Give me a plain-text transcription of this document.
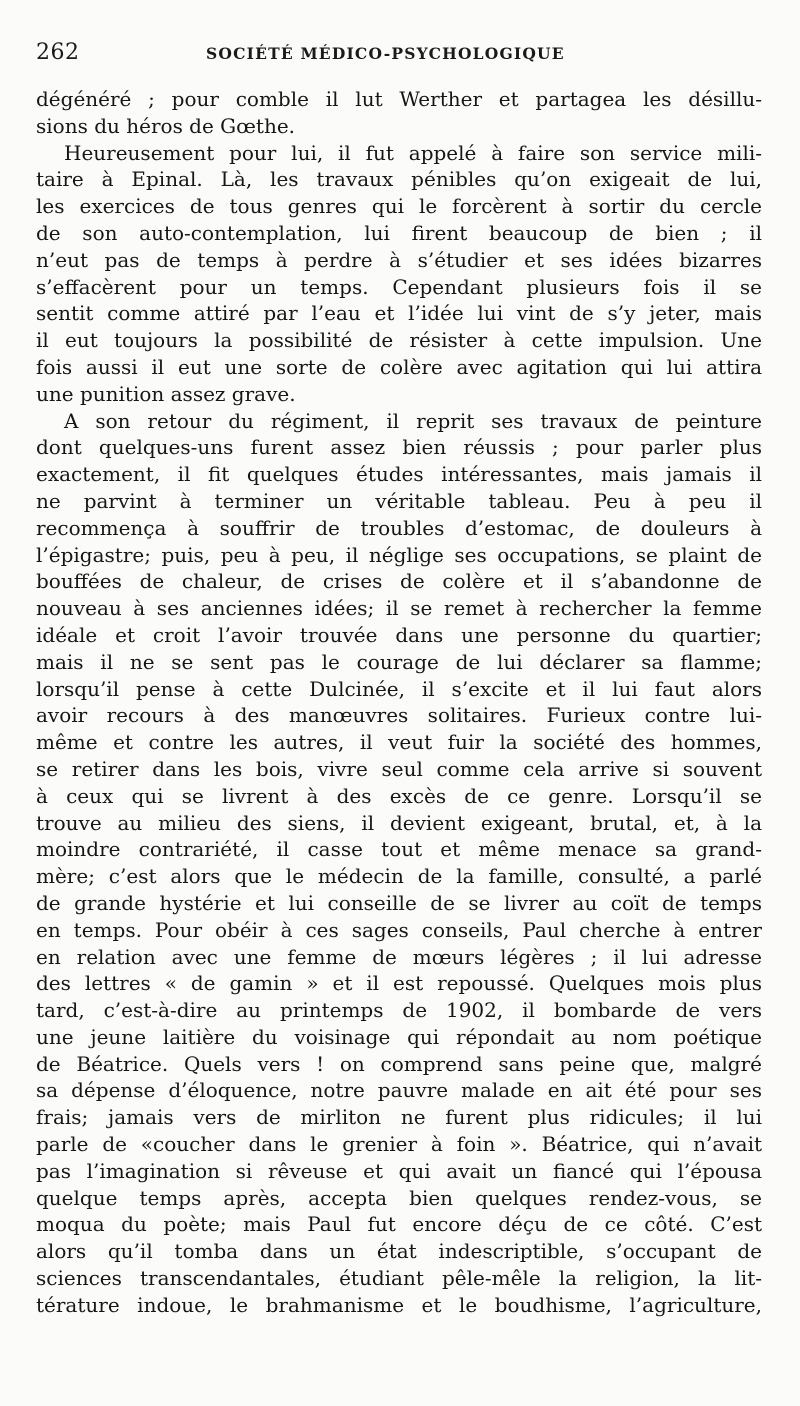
262	SOCIÉTÉ MÉDICO-PSYCHOLOGIQUE
dégénéré ; pour comble il lut Werther et partagea les désillu-
sions du héros de Gœthe.
Heureusement pour lui, il fut appelé à faire son service mili-
taire à Epinal. Là, les travaux pénibles qu’on exigeait de lui,
les exercices de tous genres qui le forcèrent à sortir du cercle
de son auto-contemplation, lui firent beaucoup de bien ; il
n’eut pas de temps à perdre à s’étudier et ses idées bizarres
s’effacèrent pour un temps. Cependant plusieurs fois il se
sentit comme attiré par l’eau et l’idée lui vint de s’y jeter, mais
il eut toujours la possibilité de résister à cette impulsion. Une
fois aussi il eut une sorte de colère avec agitation qui lui attira
une punition assez grave.
A son retour du régiment, il reprit ses travaux de peinture
dont quelques-uns furent assez bien réussis ; pour parler plus
exactement, il fit quelques études intéressantes, mais jamais il
ne parvint à terminer un véritable tableau. Peu à peu il
recommença à souffrir de troubles d’estomac, de douleurs à
l’épigastre; puis, peu à peu, il néglige ses occupations, se plaint de
bouffées de chaleur, de crises de colère et il s’abandonne de
nouveau à ses anciennes idées; il se remet à rechercher la femme
idéale et croit l’avoir trouvée dans une personne du quartier;
mais il ne se sent pas le courage de lui déclarer sa flamme;
lorsqu’il pense à cette Dulcinée, il s’excite et il lui faut alors
avoir recours à des manœuvres solitaires. Furieux contre lui-
même et contre les autres, il veut fuir la société des hommes,
se retirer dans les bois, vivre seul comme cela arrive si souvent
à ceux qui se livrent à des excès de ce genre. Lorsqu’il se
trouve au milieu des siens, il devient exigeant, brutal, et, à la
moindre contrariété, il casse tout et même menace sa grand-
mère; c’est alors que le médecin de la famille, consulté, a parlé
de grande hystérie et lui conseille de se livrer au coït de temps
en temps. Pour obéir à ces sages conseils, Paul cherche à entrer
en relation avec une femme de mœurs légères ; il lui adresse
des lettres « de gamin » et il est repoussé. Quelques mois plus
tard, c’est-à-dire au printemps de 1902, il bombarde de vers
une jeune laitière du voisinage qui répondait au nom poétique
de Béatrice. Quels vers ! on comprend sans peine que, malgré
sa dépense d’éloquence, notre pauvre malade en ait été pour ses
frais; jamais vers de mirliton ne furent plus ridicules; il lui
parle de «coucher dans le grenier à foin ». Béatrice, qui n’avait
pas l’imagination si rêveuse et qui avait un fiancé qui l’épousa
quelque temps après, accepta bien quelques rendez-vous, se
moqua du poète; mais Paul fut encore déçu de ce côté. C’est
alors qu’il tomba dans un état indescriptible, s’occupant de
sciences transcendantales, étudiant pêle-mêle la religion, la lit-
térature indoue, le brahmanisme et le boudhisme, l’agriculture,
